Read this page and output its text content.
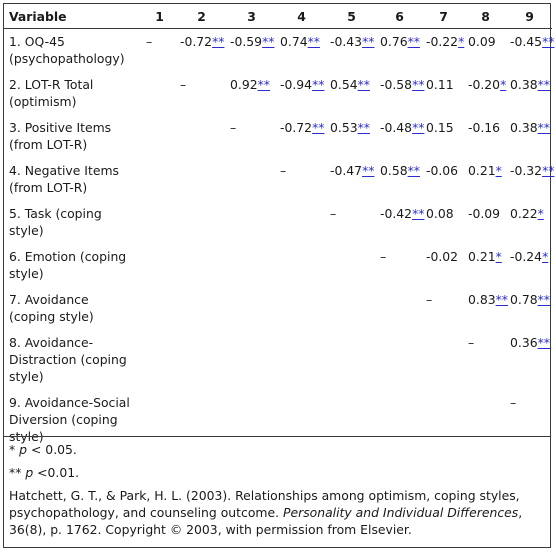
Variable	1	2	3	4	5	6	7	8	9
1. OQ-45 (psychopathology)	–	-0.72**	-0.59**	0.74**	-0.43**	0.76**	-0.22*	0.09	-0.45**
2. LOT-R Total (optimism)		–	0.92**	-0.94**	0.54**	-0.58**	0.11	-0.20*	0.38**
3. Positive Items (from LOT-R)			–	-0.72**	0.53**	-0.48**	0.15	-0.16	0.38**
4. Negative Items (from LOT-R)				–	-0.47**	0.58**	-0.06	0.21*	-0.32**
5. Task (coping style)					–	-0.42**	0.08	-0.09	0.22*
6. Emotion (coping style)						–	-0.02	0.21*	-0.24*
7. Avoidance (coping style)							–	0.83**	0.78**
8. Avoidance-Distraction (coping style)								–	0.36**
9. Avoidance-Social Diversion (coping style)									–

* p < 0.05.

** p <0.01.

Hatchett, G. T., & Park, H. L. (2003). Relationships among optimism, coping styles, psychopathology, and counseling outcome. Personality and Individual Differences, 36(8), p. 1762. Copyright © 2003, with permission from Elsevier.
